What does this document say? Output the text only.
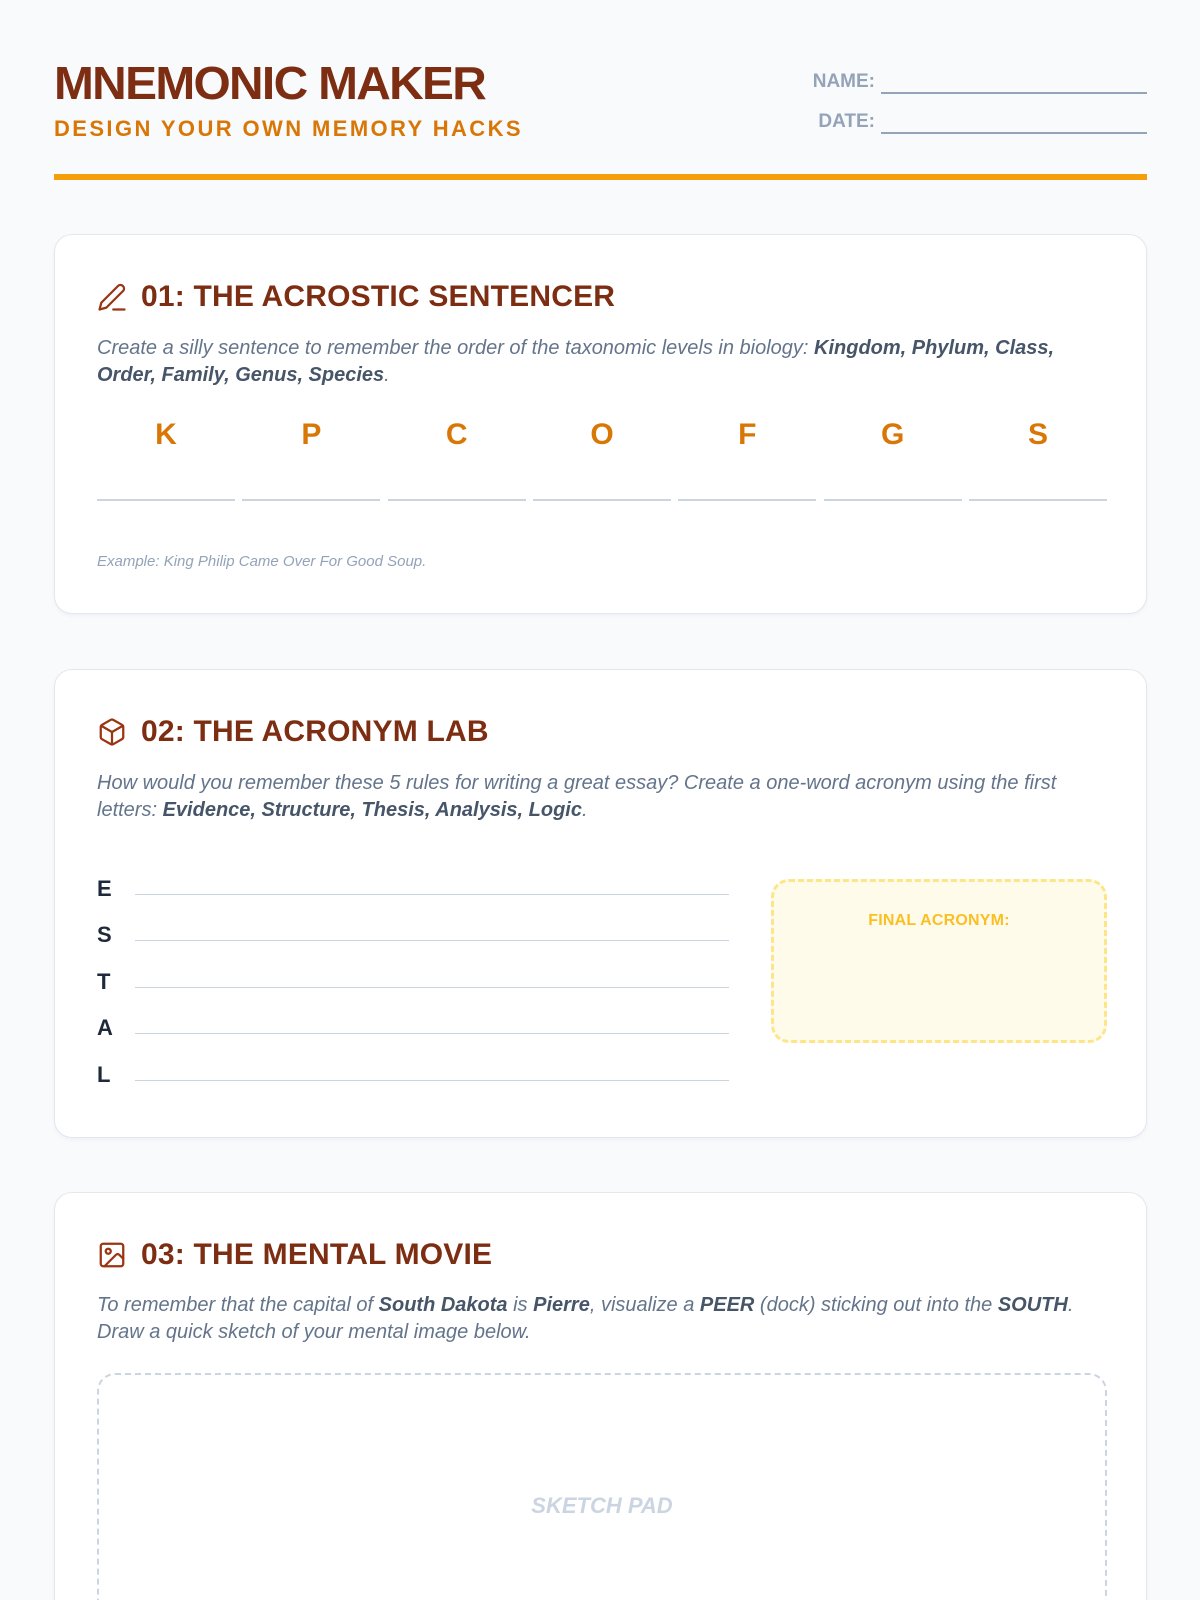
MNEMONIC MAKER
DESIGN YOUR OWN MEMORY HACKS
NAME:
DATE:
01: THE ACROSTIC SENTENCER
Create a silly sentence to remember the order of the taxonomic levels in biology: Kingdom, Phylum, Class, Order, Family, Genus, Species.
K	P	C	O	F	G	S
Example: King Philip Came Over For Good Soup.
02: THE ACRONYM LAB
How would you remember these 5 rules for writing a great essay? Create a one-word acronym using the first letters: Evidence, Structure, Thesis, Analysis, Logic.
E
S
T
A
L
FINAL ACRONYM:
03: THE MENTAL MOVIE
To remember that the capital of South Dakota is Pierre, visualize a PEER (dock) sticking out into the SOUTH. Draw a quick sketch of your mental image below.
SKETCH PAD
